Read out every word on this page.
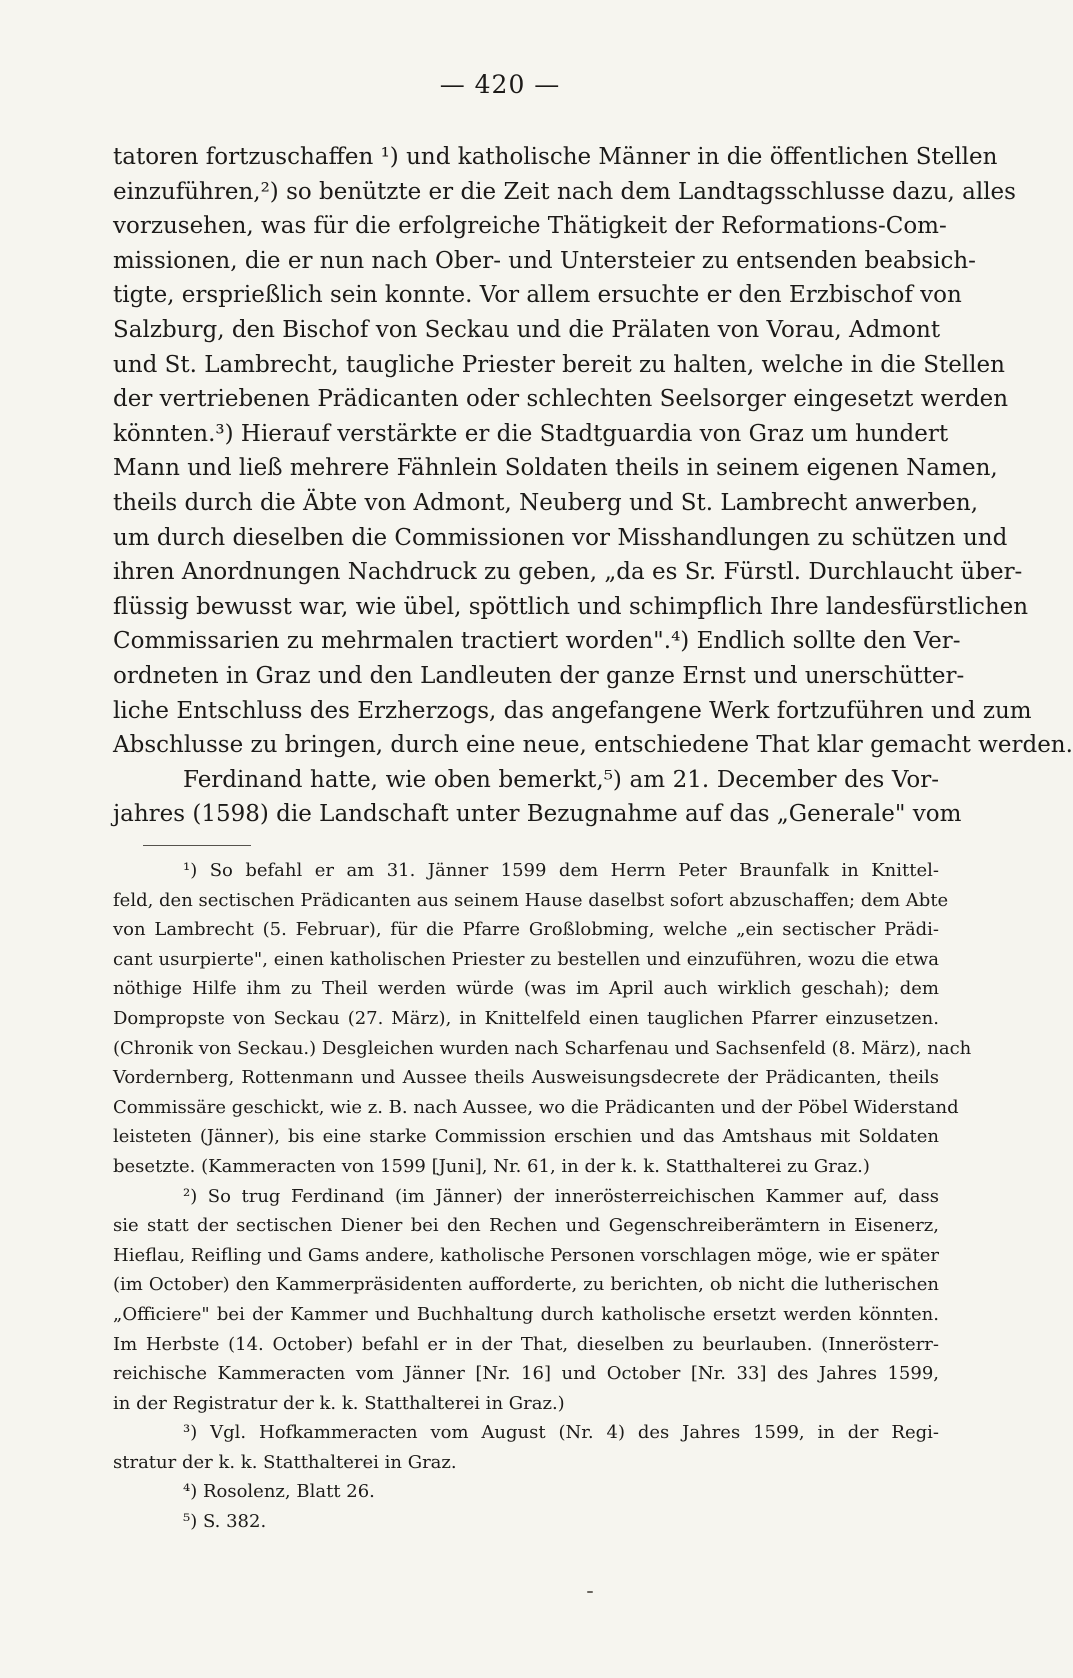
— 420 —
tatoren fortzuschaffen ¹) und katholische Männer in die öffentlichen Stellen
einzuführen,²) so benützte er die Zeit nach dem Landtagsschlusse dazu, alles
vorzusehen, was für die erfolgreiche Thätigkeit der Reformations-Com-
missionen, die er nun nach Ober- und Untersteier zu entsenden beabsich-
tigte, ersprießlich sein konnte. Vor allem ersuchte er den Erzbischof von
Salzburg, den Bischof von Seckau und die Prälaten von Vorau, Admont
und St. Lambrecht, taugliche Priester bereit zu halten, welche in die Stellen
der vertriebenen Prädicanten oder schlechten Seelsorger eingesetzt werden
könnten.³) Hierauf verstärkte er die Stadtguardia von Graz um hundert
Mann und ließ mehrere Fähnlein Soldaten theils in seinem eigenen Namen,
theils durch die Äbte von Admont, Neuberg und St. Lambrecht anwerben,
um durch dieselben die Commissionen vor Misshandlungen zu schützen und
ihren Anordnungen Nachdruck zu geben, „da es Sr. Fürstl. Durchlaucht über-
flüssig bewusst war, wie übel, spöttlich und schimpflich Ihre landesfürstlichen
Commissarien zu mehrmalen tractiert worden".⁴) Endlich sollte den Ver-
ordneten in Graz und den Landleuten der ganze Ernst und unerschütter-
liche Entschluss des Erzherzogs, das angefangene Werk fortzuführen und zum
Abschlusse zu bringen, durch eine neue, entschiedene That klar gemacht werden.
Ferdinand hatte, wie oben bemerkt,⁵) am 21. December des Vor-
jahres (1598) die Landschaft unter Bezugnahme auf das „Generale" vom
¹) So befahl er am 31. Jänner 1599 dem Herrn Peter Braunfalk in Knittel-
feld, den sectischen Prädicanten aus seinem Hause daselbst sofort abzuschaffen; dem Abte
von Lambrecht (5. Februar), für die Pfarre Großlobming, welche „ein sectischer Prädi-
cant usurpierte", einen katholischen Priester zu bestellen und einzuführen, wozu die etwa
nöthige Hilfe ihm zu Theil werden würde (was im April auch wirklich geschah); dem
Dompropste von Seckau (27. März), in Knittelfeld einen tauglichen Pfarrer einzusetzen.
(Chronik von Seckau.) Desgleichen wurden nach Scharfenau und Sachsenfeld (8. März), nach
Vordernberg, Rottenmann und Aussee theils Ausweisungsdecrete der Prädicanten, theils
Commissäre geschickt, wie z. B. nach Aussee, wo die Prädicanten und der Pöbel Widerstand
leisteten (Jänner), bis eine starke Commission erschien und das Amtshaus mit Soldaten
besetzte. (Kammeracten von 1599 [Juni], Nr. 61, in der k. k. Statthalterei zu Graz.)
²) So trug Ferdinand (im Jänner) der innerösterreichischen Kammer auf, dass
sie statt der sectischen Diener bei den Rechen und Gegenschreiberämtern in Eisenerz,
Hieflau, Reifling und Gams andere, katholische Personen vorschlagen möge, wie er später
(im October) den Kammerpräsidenten aufforderte, zu berichten, ob nicht die lutherischen
„Officiere" bei der Kammer und Buchhaltung durch katholische ersetzt werden könnten.
Im Herbste (14. October) befahl er in der That, dieselben zu beurlauben. (Innerösterr-
reichische Kammeracten vom Jänner [Nr. 16] und October [Nr. 33] des Jahres 1599,
in der Registratur der k. k. Statthalterei in Graz.)
³) Vgl. Hofkammeracten vom August (Nr. 4) des Jahres 1599, in der Regi-
stratur der k. k. Statthalterei in Graz.
⁴) Rosolenz, Blatt 26.
⁵) S. 382.
